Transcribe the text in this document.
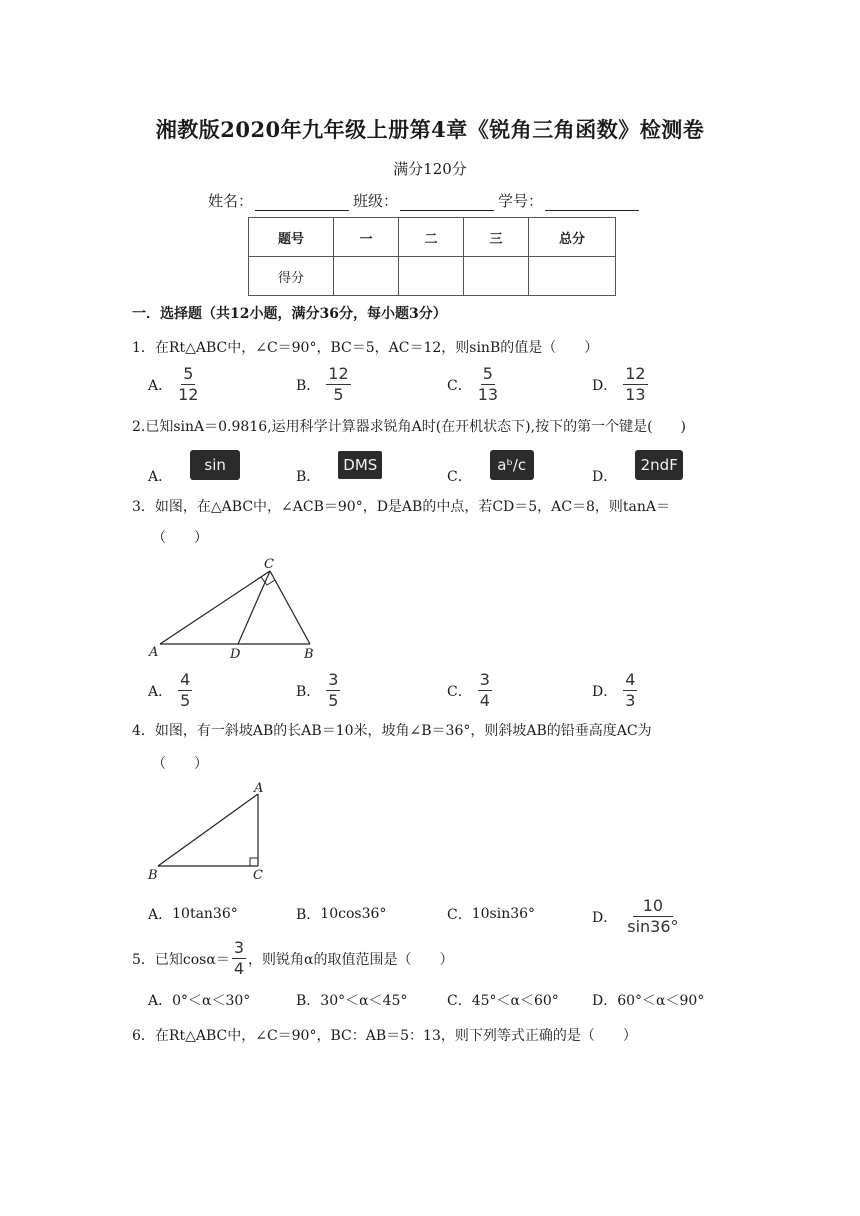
湘教版2020年九年级上册第4章《锐角三角函数》检测卷
满分120分
姓名：	班级：	学号：
题号	一	二	三	总分
得分				
一．选择题（共12小题，满分36分，每小题3分）
1．在Rt△ABC中，∠C＝90°，BC＝5，AC＝12，则sinB的值是（　　）
A． $\frac{5}{12}$	B． $\frac{12}{5}$	C． $\frac{5}{13}$	D． $\frac{12}{13}$
2.已知sinA＝0.9816,运用科学计算器求锐角A时(在开机状态下),按下的第一个键是(　　)
A．
sin
B．
DMS
C．
aᵇ/c
D．
2ndF
3．如图，在△ABC中，∠ACB＝90°，D是AB的中点，若CD＝5，AC＝8，则tanA＝
（　　）
C
A	D	B
A． $\frac{4}{5}$	B． $\frac{3}{5}$	C． $\frac{3}{4}$	D． $\frac{4}{3}$
4．如图，有一斜坡AB的长AB＝10米，坡角∠B＝36°，则斜坡AB的铅垂高度AC为
（　　）
A
B	C
A． 10tan36°	B． 10cos36°	C． 10sin36°	D． $\frac{10}{\sin 36^\circ}$
5．已知$\cos\alpha= \frac{3}{4}$ ，则锐角α的取值范围是（　　）
A． 0°＜α＜30°	B． 30°＜α＜45°	C． 45°＜α＜60° D． 60°＜α＜90°
6．在Rt△ABC中，∠C＝90°，BC：AB＝5：13，则下列等式正确的是（　　）
